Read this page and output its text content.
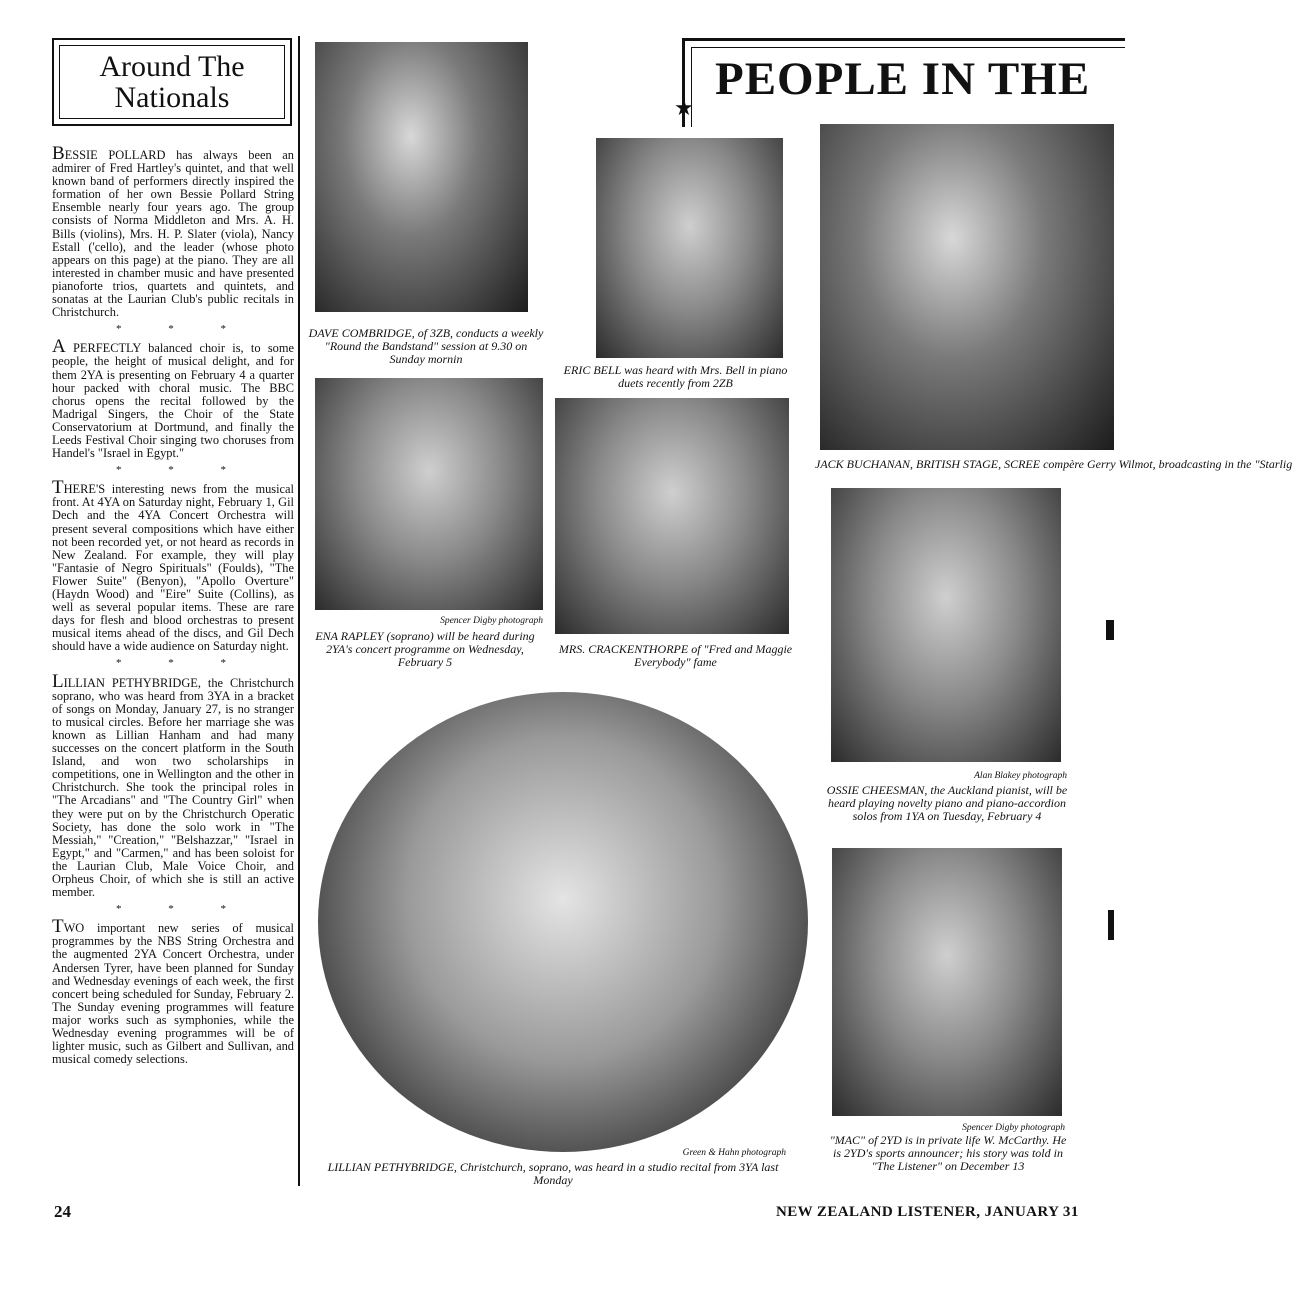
Around The
Nationals

BESSIE POLLARD has always been an admirer of Fred Hartley's quintet, and that well known band of performers directly inspired the formation of her own Bessie Pollard String Ensemble nearly four years ago. The group consists of Norma Middleton and Mrs. A. H. Bills (violins), Mrs. H. P. Slater (viola), Nancy Estall ('cello), and the leader (whose photo appears on this page) at the piano. They are all interested in chamber music and have presented pianoforte trios, quartets and quintets, and sonatas at the Laurian Club's public recitals in Christchurch.

* * *

A PERFECTLY balanced choir is, to some people, the height of musical delight, and for them 2YA is presenting on February 4 a quarter hour packed with choral music. The BBC chorus opens the recital followed by the Madrigal Singers, the Choir of the State Conservatorium at Dortmund, and finally the Leeds Festival Choir singing two choruses from Handel's "Israel in Egypt."

* * *

THERE'S interesting news from the musical front. At 4YA on Saturday night, February 1, Gil Dech and the 4YA Concert Orchestra will present several compositions which have either not been recorded yet, or not heard as records in New Zealand. For example, they will play "Fantasie of Negro Spirituals" (Foulds), "The Flower Suite" (Benyon), "Apollo Overture" (Haydn Wood) and "Eire" Suite (Collins), as well as several popular items. These are rare days for flesh and blood orchestras to present musical items ahead of the discs, and Gil Dech should have a wide audience on Saturday night.

* * *

LILLIAN PETHYBRIDGE, the Christchurch soprano, who was heard from 3YA in a bracket of songs on Monday, January 27, is no stranger to musical circles. Before her marriage she was known as Lillian Hanham and had many successes on the concert platform in the South Island, and won two scholarships in competitions, one in Wellington and the other in Christchurch. She took the principal roles in "The Arcadians" and "The Country Girl" when they were put on by the Christchurch Operatic Society, has done the solo work in "The Messiah," "Creation," "Belshazzar," "Israel in Egypt," and "Carmen," and has been soloist for the Laurian Club, Male Voice Choir, and Orpheus Choir, of which she is still an active member.

* * *

TWO important new series of musical programmes by the NBS String Orchestra and the augmented 2YA Concert Orchestra, under Andersen Tyrer, have been planned for Sunday and Wednesday evenings of each week, the first concert being scheduled for Sunday, February 2. The Sunday evening programmes will feature major works such as symphonies, while the Wednesday evening programmes will be of lighter music, such as Gilbert and Sullivan, and musical comedy selections.

PEOPLE IN THE
★
DAVE COMBRIDGE, of 3ZB, conducts a weekly "Round the Bandstand" session at 9.30 on Sunday mornin
ERIC BELL was heard with Mrs. Bell in piano duets recently from 2ZB
JACK BUCHANAN, BRITISH STAGE, SCREE compère Gerry Wilmot, broadcasting in the "Starlig
Spencer Digby photograph
ENA RAPLEY (soprano) will be heard during 2YA's concert programme on Wednesday, February 5
MRS. CRACKENTHORPE of "Fred and Maggie Everybody" fame
Alan Blakey photograph
OSSIE CHEESMAN, the Auckland pianist, will be heard playing novelty piano and piano-accordion solos from 1YA on Tuesday, February 4
Green & Hahn photograph
LILLIAN PETHYBRIDGE, Christchurch, soprano, was heard in a studio recital from 3YA last Monday
Spencer Digby photograph
"MAC" of 2YD is in private life W. McCarthy. He is 2YD's sports announcer; his story was told in "The Listener" on December 13
24	NEW ZEALAND LISTENER, JANUARY 31
